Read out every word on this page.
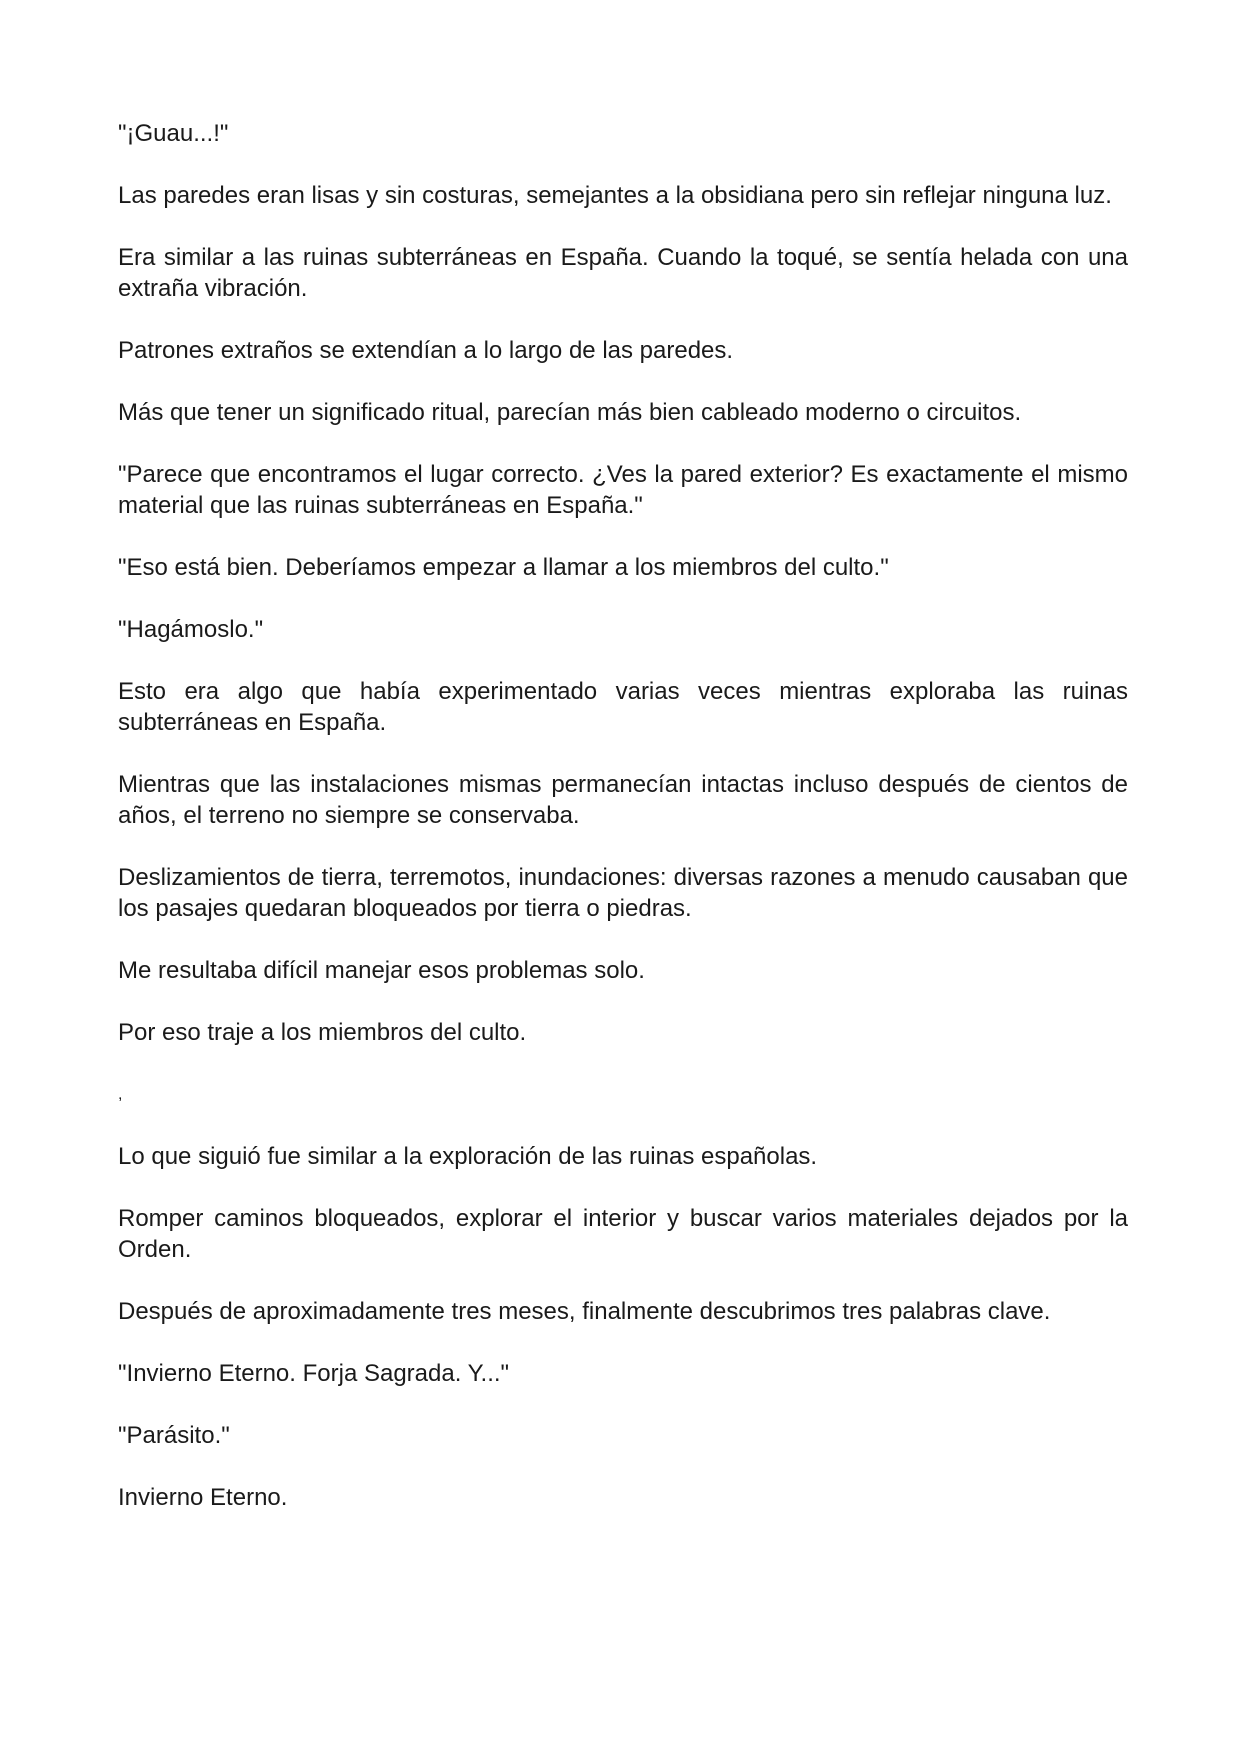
"¡Guau...!"

Las paredes eran lisas y sin costuras, semejantes a la obsidiana pero sin reflejar ninguna luz.

Era similar a las ruinas subterráneas en España. Cuando la toqué, se sentía helada con una extraña vibración.

Patrones extraños se extendían a lo largo de las paredes.

Más que tener un significado ritual, parecían más bien cableado moderno o circuitos.

"Parece que encontramos el lugar correcto. ¿Ves la pared exterior? Es exactamente el mismo material que las ruinas subterráneas en España."

"Eso está bien. Deberíamos empezar a llamar a los miembros del culto."

"Hagámoslo."

Esto era algo que había experimentado varias veces mientras exploraba las ruinas subterráneas en España.

Mientras que las instalaciones mismas permanecían intactas incluso después de cientos de años, el terreno no siempre se conservaba.

Deslizamientos de tierra, terremotos, inundaciones: diversas razones a menudo causaban que los pasajes quedaran bloqueados por tierra o piedras.

Me resultaba difícil manejar esos problemas solo.

Por eso traje a los miembros del culto.

,

Lo que siguió fue similar a la exploración de las ruinas españolas.

Romper caminos bloqueados, explorar el interior y buscar varios materiales dejados por la Orden.

Después de aproximadamente tres meses, finalmente descubrimos tres palabras clave.

"Invierno Eterno. Forja Sagrada. Y..."

"Parásito."

Invierno Eterno.
